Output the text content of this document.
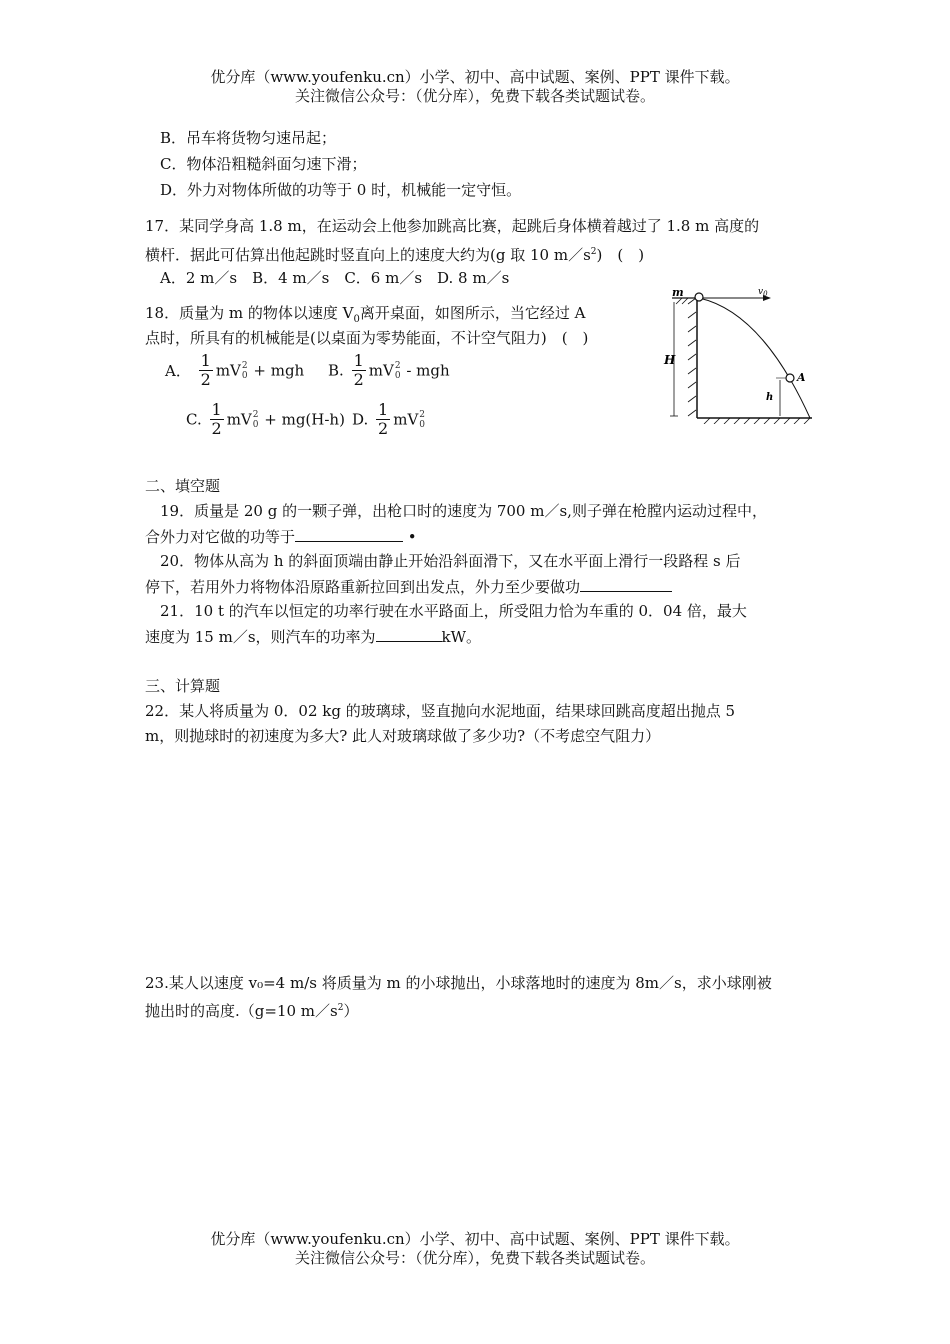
优分库（www.youfenku.cn）小学、初中、高中试题、案例、PPT 课件下载。
关注微信公众号：（优分库），免费下载各类试题试卷。
B．吊车将货物匀速吊起；
C．物体沿粗糙斜面匀速下滑；
D．外力对物体所做的功等于 0 时，机械能一定守恒。
17．某同学身高 1.8 m，在运动会上他参加跳高比赛，起跳后身体横着越过了 1.8 m 高度的
横杆．据此可估算出他起跳时竖直向上的速度大约为(g 取 10 $m/s^2$)　(　)
A．2 m／s　B．4 m／s　C．6 m／s　D. 8 m／s
18．质量为 m 的物体以速度 $V_0$离开桌面，如图所示，当它经过 A
点时，所具有的机械能是(以桌面为零势能面，不计空气阻力)　(　)
A． $\frac{1}{2}$ mV 2
0 + mgh B. $\frac{1}{2}$ mV 2
0 - mgh
C. $\frac{1}{2}$ mV 2
0 + mg(H-h) D. $\frac{1}{2}$ mV 2
0
m	$v_0$
H
h
A
二、填空题
19．质量是 20 g 的一颗子弹，出枪口时的速度为 700 m／s,则子弹在枪膛内运动过程中，
合外力对它做的功等于	•
20．物体从高为 h 的斜面顶端由静止开始沿斜面滑下，又在水平面上滑行一段路程 s 后
停下，若用外力将物体沿原路重新拉回到出发点，外力至少要做功
21．10 t 的汽车以恒定的功率行驶在水平路面上，所受阻力恰为车重的 0．04 倍，最大
速度为 15 m／s，则汽车的功率为	kW。
三、计算题
22．某人将质量为 0．02 kg 的玻璃球，竖直抛向水泥地面，结果球回跳高度超出抛点 5
m，则抛球时的初速度为多大? 此人对玻璃球做了多少功?（不考虑空气阻力）
23.某人以速度 v₀=4 m/s 将质量为 m 的小球抛出，小球落地时的速度为 8m／s，求小球刚被
抛出时的高度.（g=10 $m/s^2$）
优分库（www.youfenku.cn）小学、初中、高中试题、案例、PPT 课件下载。
关注微信公众号：（优分库），免费下载各类试题试卷。
